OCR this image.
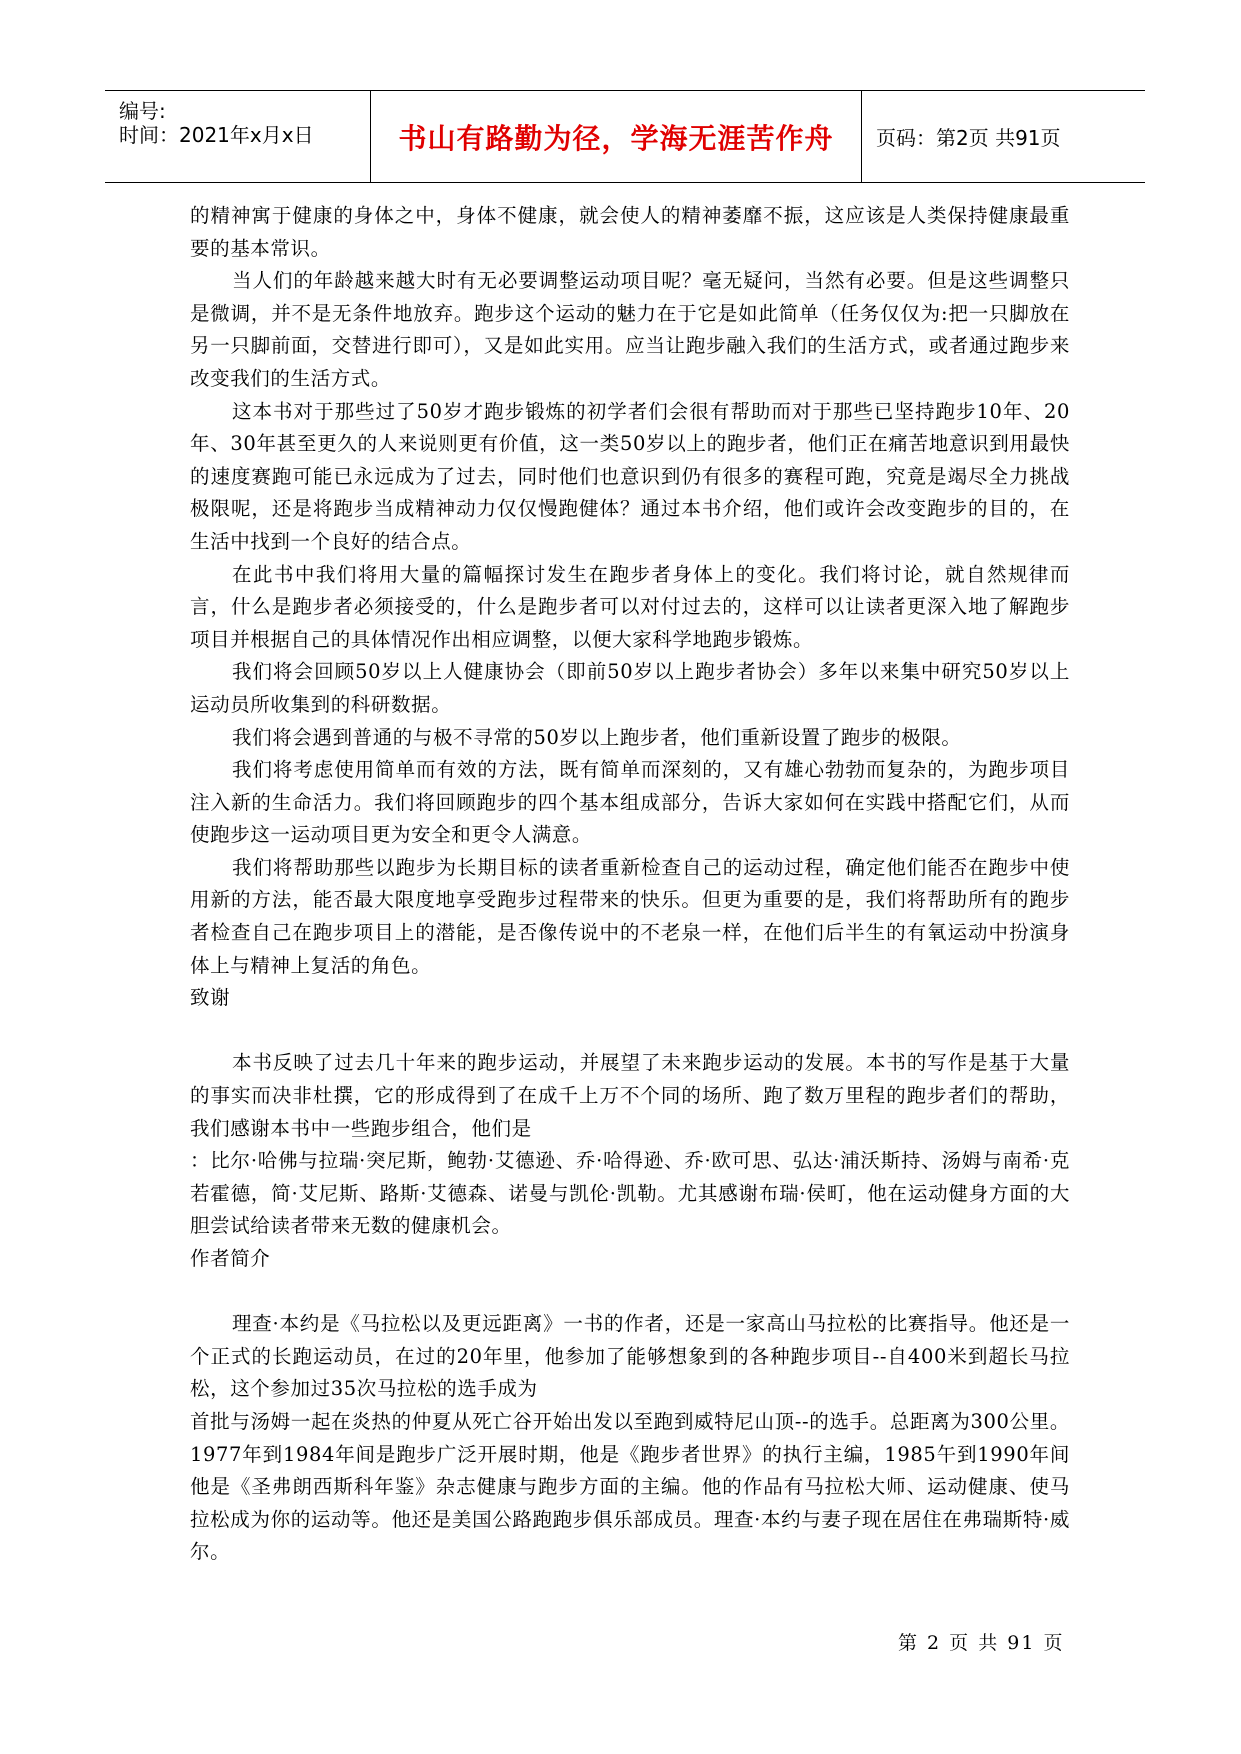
编号:
时间：2021年x月x日	书山有路勤为径，学海无涯苦作舟 页码：第2页 共91页

的精神寓于健康的身体之中，身体不健康，就会使人的精神萎靡不振，这应该是人类保持健康最重要的基本常识。

当人们的年龄越来越大时有无必要调整运动项目呢？毫无疑问，当然有必要。但是这些调整只是微调，并不是无条件地放弃。跑步这个运动的魅力在于它是如此简单（任务仅仅为:把一只脚放在另一只脚前面，交替进行即可），又是如此实用。应当让跑步融入我们的生活方式，或者通过跑步来改变我们的生活方式。

这本书对于那些过了50岁才跑步锻炼的初学者们会很有帮助而对于那些已坚持跑步10年、20年、30年甚至更久的人来说则更有价值，这一类50岁以上的跑步者，他们正在痛苦地意识到用最快的速度赛跑可能已永远成为了过去，同时他们也意识到仍有很多的赛程可跑，究竟是竭尽全力挑战极限呢，还是将跑步当成精神动力仅仅慢跑健体？通过本书介绍，他们或许会改变跑步的目的，在生活中找到一个良好的结合点。

在此书中我们将用大量的篇幅探讨发生在跑步者身体上的变化。我们将讨论，就自然规律而言，什么是跑步者必须接受的，什么是跑步者可以对付过去的，这样可以让读者更深入地了解跑步项目并根据自己的具体情况作出相应调整，以便大家科学地跑步锻炼。

我们将会回顾50岁以上人健康协会（即前50岁以上跑步者协会）多年以来集中研究50岁以上运动员所收集到的科研数据。

我们将会遇到普通的与极不寻常的50岁以上跑步者，他们重新设置了跑步的极限。

我们将考虑使用简单而有效的方法，既有简单而深刻的，又有雄心勃勃而复杂的，为跑步项目注入新的生命活力。我们将回顾跑步的四个基本组成部分，告诉大家如何在实践中搭配它们，从而使跑步这一运动项目更为安全和更令人满意。

我们将帮助那些以跑步为长期目标的读者重新检查自己的运动过程，确定他们能否在跑步中使用新的方法，能否最大限度地享受跑步过程带来的快乐。但更为重要的是，我们将帮助所有的跑步者检查自己在跑步项目上的潜能，是否像传说中的不老泉一样，在他们后半生的有氧运动中扮演身体上与精神上复活的角色。

致谢

本书反映了过去几十年来的跑步运动，并展望了未来跑步运动的发展。本书的写作是基于大量的事实而决非杜撰，它的形成得到了在成千上万不个同的场所、跑了数万里程的跑步者们的帮助，我们感谢本书中一些跑步组合，他们是

：比尔·哈佛与拉瑞·突尼斯，鲍勃·艾德逊、乔·哈得逊、乔·欧可思、弘达·浦沃斯持、汤姆与南希·克若霍德，简·艾尼斯、路斯·艾德森、诺曼与凯伦·凯勒。尤其感谢布瑞·侯町，他在运动健身方面的大胆尝试给读者带来无数的健康机会。

作者简介

理查·本约是《马拉松以及更远距离》一书的作者，还是一家高山马拉松的比赛指导。他还是一个正式的长跑运动员，在过的20年里，他参加了能够想象到的各种跑步项目--自400米到超长马拉松，这个参加过35次马拉松的选手成为

首批与汤姆一起在炎热的仲夏从死亡谷开始出发以至跑到威特尼山顶--的选手。总距离为300公里。1977年到1984年间是跑步广泛开展时期，他是《跑步者世界》的执行主编，1985午到1990年间他是《圣弗朗西斯科年鉴》杂志健康与跑步方面的主编。他的作品有马拉松大师、运动健康、使马拉松成为你的运动等。他还是美国公路跑跑步俱乐部成员。理查·本约与妻子现在居住在弗瑞斯特·威尔。

第 2 页 共 91 页
